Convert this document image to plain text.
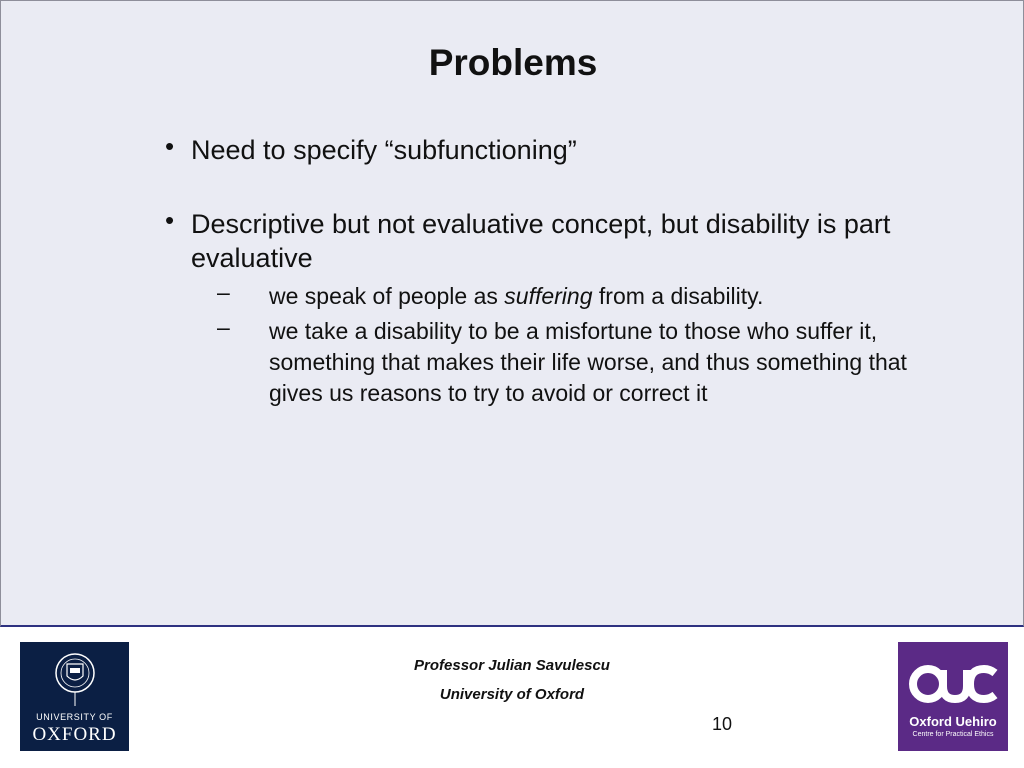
Problems
• Need to specify “subfunctioning”
• Descriptive but not evaluative concept, but disability is part evaluative
– we speak of people as suffering from a disability.
– we take a disability to be a misfortune to those who suffer it, something that makes their life worse, and thus something that gives us reasons to try to avoid or correct it
UNIVERSITY OF
OXFORD
Professor Julian Savulescu
University of Oxford
10	Oxford Uehiro
Centre for Practical Ethics
